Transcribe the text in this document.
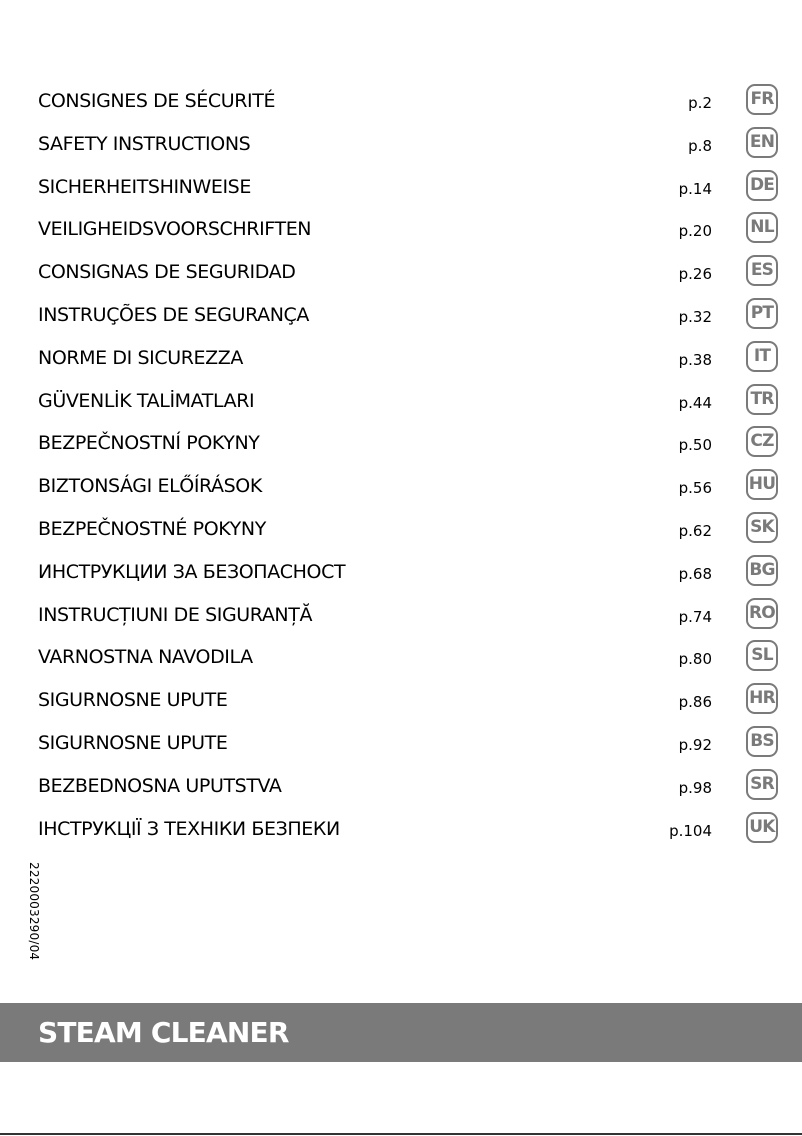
CONSIGNES DE SÉCURITÉ	p.2 FR
SAFETY INSTRUCTIONS	p.8 EN
SICHERHEITSHINWEISE	p.14 DE
VEILIGHEIDSVOORSCHRIFTEN	p.20 NL
CONSIGNAS DE SEGURIDAD	p.26 ES
INSTRUÇÕES DE SEGURANÇA	p.32 PT
NORME DI SICUREZZA	p.38	IT
GÜVENLİK TALİMATLARI	p.44 TR
BEZPEČNOSTNÍ POKYNY	p.50 CZ
BIZTONSÁGI ELŐÍRÁSOK	p.56 HU
BEZPEČNOSTNÉ POKYNY	p.62 SK
ИНСТРУКЦИИ ЗА БЕЗОПАСНОСТ	p.68 BG
INSTRUCȚIUNI DE SIGURANȚĂ	p.74 RO
VARNOSTNA NAVODILA	p.80	SL
SIGURNOSNE UPUTE	p.86 HR
SIGURNOSNE UPUTE	p.92 BS
BEZBEDNOSNA UPUTSTVA	p.98 SR
ІНСТРУКЦІЇ З ТЕХНІКИ БЕЗПЕКИ	p.104 UK
2220003290/04
STEAM CLEANER
